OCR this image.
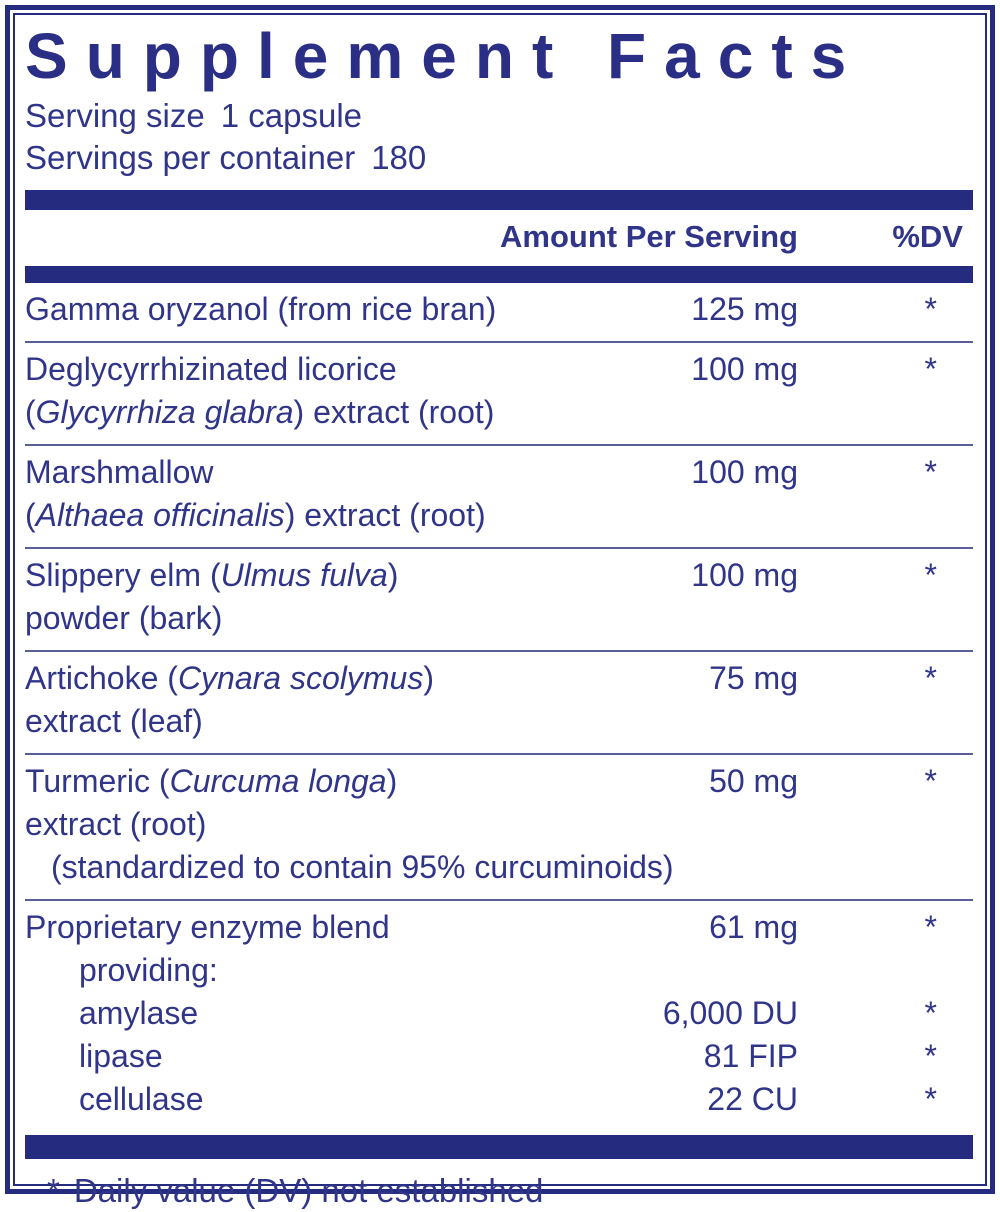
Supplement Facts
Serving size 1 capsule
Servings per container 180
Amount Per Serving	%DV
Gamma oryzanol (from rice bran)	125 mg	*
Deglycyrrhizinated licorice	100 mg	*
(Glycyrrhiza glabra) extract (root)
Marshmallow	100 mg	*
(Althaea officinalis) extract (root)
Slippery elm (Ulmus fulva)	100 mg	*
powder (bark)
Artichoke (Cynara scolymus)	75 mg	*
extract (leaf)
Turmeric (Curcuma longa)	50 mg	*
extract (root)
(standardized to contain 95% curcuminoids)
Proprietary enzyme blend	61 mg	*
providing:
amylase	6,000 DU	*
lipase	81 FIP	*
cellulase	22 CU	*
* Daily value (DV) not established
